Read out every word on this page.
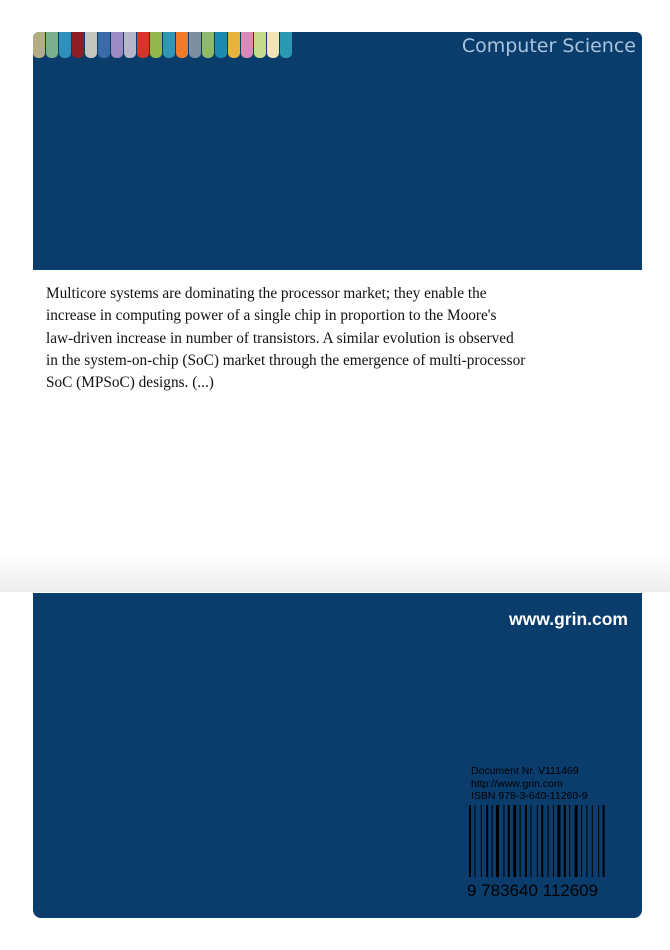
Computer Science
Multicore systems are dominating the processor market; they enable the
increase in computing power of a single chip in proportion to the Moore's
law-driven increase in number of transistors. A similar evolution is observed
in the system-on-chip (SoC) market through the emergence of multi-processor
SoC (MPSoC) designs. (...)
www.grin.com
Document Nr. V111469
http://www.grin.com
ISBN 978-3-640-11260-9
9 783640 112609
